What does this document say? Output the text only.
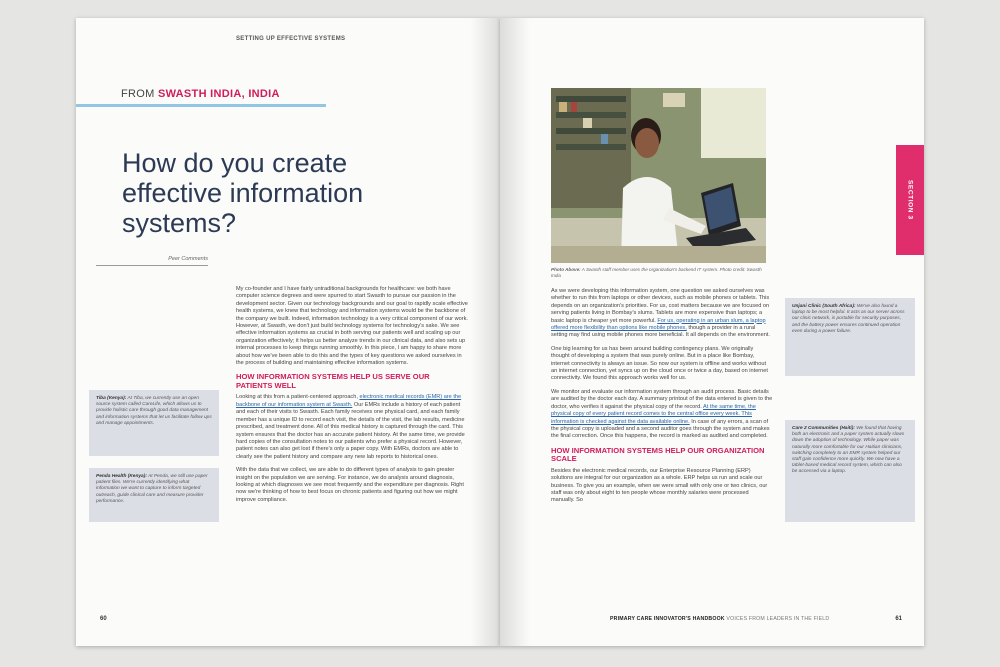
SETTING UP EFFECTIVE SYSTEMS
FROM SWASTH INDIA, INDIA
How do you create effective information systems?
Peer Comments
Tiba (Kenya): At Tiba, we currently use an open source system called CareLife, which allows us to provide holistic care through good data management and information systems that let us facilitate follow ups and manage appointments.
Penda Health (Kenya): At Penda, we still use paper patient files. We're currently identifying what information we want to capture to inform targeted outreach, guide clinical care and measure provider performance.

My co-founder and I have fairly untraditional backgrounds for healthcare: we both have computer science degrees and were spurred to start Swasth to pursue our passion in the development sector. Given our technology backgrounds and our goal to rapidly scale effective health systems, we knew that technology and information systems would be the backbone of the company we built. Indeed, information technology is a very critical component of our work. However, at Swasth, we don't just build technology systems for technology's sake. We see effective information systems as crucial in both serving our patients well and scaling up our organization effectively; it helps us better analyze trends in our clinical data, and also sets up internal processes to keep things running smoothly. In this piece, I am happy to share more about how we've been able to do this and the types of key questions we asked ourselves in the process of building and maintaining effective information systems.

HOW INFORMATION SYSTEMS HELP US SERVE OUR PATIENTS WELL

Looking at this from a patient-centered approach, electronic medical records (EMR) are the backbone of our information system at Swasth. Our EMRs include a history of each patient and each of their visits to Swasth. Each family receives one physical card, and each family member has a unique ID to record each visit, the details of the visit, the lab results, medicine prescribed, and treatment done. All of this medical history is captured through the card. This system ensures that the doctor has an accurate patient history. At the same time, we provide hard copies of the consultation notes to our patients who prefer a physical record. However, patient notes can also get lost if there's only a paper copy. With EMRs, doctors are able to clearly see the patient history and compare any new lab reports to historical ones.

With the data that we collect, we are able to do different types of analysis to gain greater insight on the population we are serving. For instance, we do analysis around diagnosis, looking at which diagnoses we see most frequently and the expenditure per diagnosis. Right now we're thinking of how to best focus on chronic patients and figuring out how we might improve compliance.

60
Photo Above: A Swasth staff member uses the organization's backend IT system. Photo credit: Swasth India

As we were developing this information system, one question we asked ourselves was whether to run this from laptops or other devices, such as mobile phones or tablets. This depends on an organization's priorities. For us, cost matters because we are focused on serving patients living in Bombay's slums. Tablets are more expensive than laptops; a basic laptop is cheaper yet more powerful. For us, operating in an urban slum, a laptop offered more flexibility than options like mobile phones, though a provider in a rural setting may find using mobile phones more beneficial. It all depends on the environment.

One big learning for us has been around building contingency plans. We originally thought of developing a system that was purely online. But in a place like Bombay, internet connectivity is always an issue. So now our system is offline and works without an internet connection, yet syncs up on the cloud once or twice a day, based on internet connectivity. We found this approach works well for us.

We monitor and evaluate our information system through an audit process. Basic details are audited by the doctor each day. A summary printout of the data entered is given to the doctor, who verifies it against the physical copy of the record. At the same time, the physical copy of every patient record comes to the central office every week. This information is checked against the data available online. In case of any errors, a scan of the physical copy is uploaded and a second auditor goes through the system and makes the final correction. Once this happens, the record is marked as audited and completed.

HOW INFORMATION SYSTEMS HELP OUR ORGANIZATION SCALE

Besides the electronic medical records, our Enterprise Resource Planning (ERP) solutions are integral for our organization as a whole. ERP helps us run and scale our business. To give you an example, when we were small with only one or two clinics, our staff was only about eight to ten people whose monthly salaries were processed manually. So

Unjani Clinic (South Africa): We've also found a laptop to be most helpful. It acts as our server across our clinic network, is portable for security purposes, and the battery power ensures continued operation even during a power failure.
Care 2 Communities (Haiti): We found that having both an electronic and a paper system actually slows down the adoption of technology. While paper was naturally more comfortable for our Haitian clinicians, switching completely to an EMR system helped our staff gain confidence more quickly. We now have a tablet-based medical record system, which can also be accessed via a laptop.
SECTION 3
PRIMARY CARE INNOVATOR'S HANDBOOK VOICES FROM LEADERS IN THE FIELD	61
